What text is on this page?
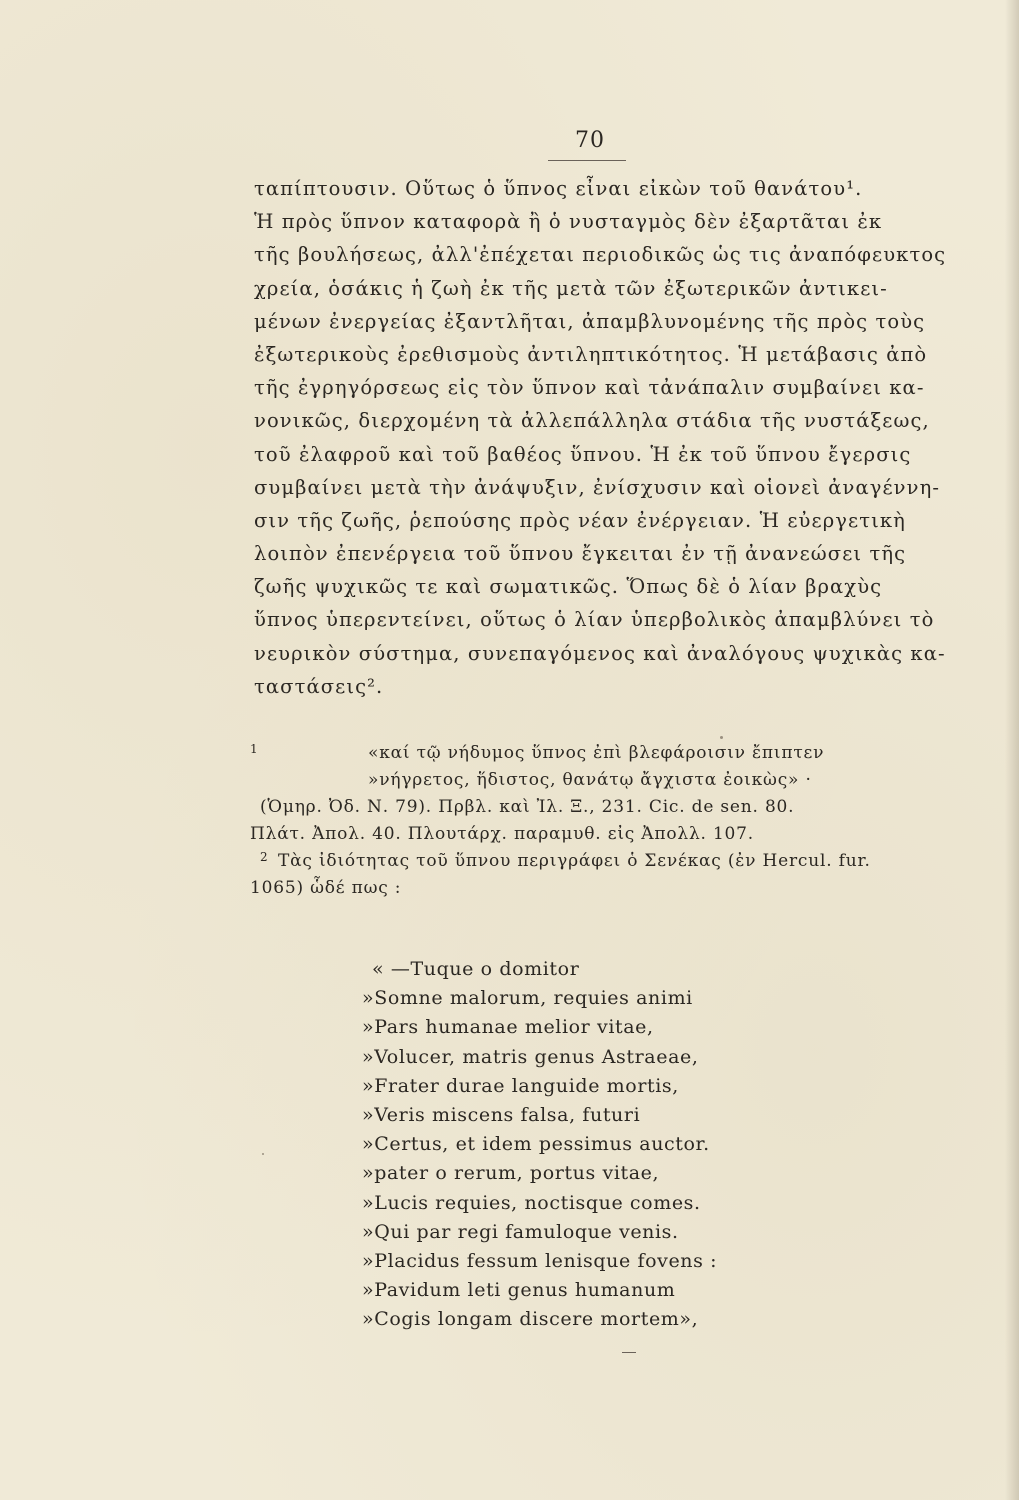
70
ταπίπτουσιν. Οὕτως ὁ ὕπνος εἶναι εἰκὼν τοῦ θανάτου¹.
Ἡ πρὸς ὕπνον καταφορὰ ἢ ὁ νυσταγμὸς δὲν ἐξαρτᾶται ἐκ
τῆς βουλήσεως, ἀλλ'ἐπέχεται περιοδικῶς ὡς τις ἀναπόφευκτος
χρεία, ὁσάκις ἡ ζωὴ ἐκ τῆς μετὰ τῶν ἐξωτερικῶν ἀντικει-
μένων ἐνεργείας ἐξαντλῆται, ἀπαμβλυνομένης τῆς πρὸς τοὺς
ἐξωτερικοὺς ἐρεθισμοὺς ἀντιληπτικότητος. Ἡ μετάβασις ἀπὸ
τῆς ἐγρηγόρσεως εἰς τὸν ὕπνον καὶ τἀνάπαλιν συμβαίνει κα-
νονικῶς, διερχομένη τὰ ἀλλεπάλληλα στάδια τῆς νυστάξεως,
τοῦ ἐλαφροῦ καὶ τοῦ βαθέος ὕπνου. Ἡ ἐκ τοῦ ὕπνου ἔγερσις
συμβαίνει μετὰ τὴν ἀνάψυξιν, ἐνίσχυσιν καὶ οἱονεὶ ἀναγέννη-
σιν τῆς ζωῆς, ῥεπούσης πρὸς νέαν ἐνέργειαν. Ἡ εὐεργετικὴ
λοιπὸν ἐπενέργεια τοῦ ὕπνου ἔγκειται ἐν τῇ ἀνανεώσει τῆς
ζωῆς ψυχικῶς τε καὶ σωματικῶς. Ὅπως δὲ ὁ λίαν βραχὺς
ὕπνος ὑπερεντείνει, οὕτως ὁ λίαν ὑπερβολικὸς ἀπαμβλύνει τὸ
νευρικὸν σύστημα, συνεπαγόμενος καὶ ἀναλόγους ψυχικὰς κα-
ταστάσεις².
1	«καί τῷ νήδυμος ὕπνος ἐπὶ βλεφάροισιν ἔπιπτεν
»νήγρετος, ἥδιστος, θανάτῳ ἄγχιστα ἐοικὼς» ·
(Ὁμηρ. Ὀδ. Ν. 79). Πρβλ. καὶ Ἰλ. Ξ., 231. Cic. de sen. 80.
Πλάτ. Ἀπολ. 40. Πλουτάρχ. παραμυθ. εἰς Ἀπολλ. 107.
2 Τὰς ἰδιότητας τοῦ ὕπνου περιγράφει ὁ Σενέκας (ἐν Hercul. fur.
1065) ὧδέ πως :
« —Tuque o domitor
»Somne malorum, requies animi
»Pars humanae melior vitae,
»Volucer, matris genus Astraeae,
»Frater durae languide mortis,
»Veris miscens falsa, futuri
»Certus, et idem pessimus auctor.
»pater o rerum, portus vitae,
»Lucis requies, noctisque comes.
»Qui par regi famuloque venis.
»Placidus fessum lenisque fovens :
»Pavidum leti genus humanum
»Cogis longam discere mortem»,
